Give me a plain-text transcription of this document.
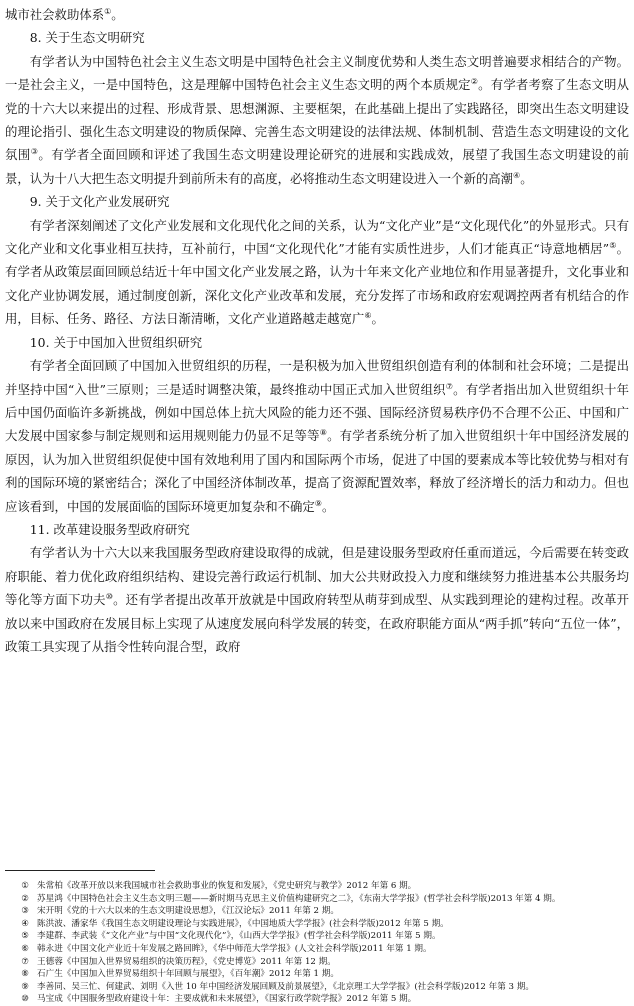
城市社会救助体系①。

8. 关于生态文明研究

有学者认为中国特色社会主义生态文明是中国特色社会主义制度优势和人类生态文明普遍要求相结合的产物。一是社会主义，一是中国特色，这是理解中国特色社会主义生态文明的两个本质规定②。有学者考察了生态文明从党的十六大以来提出的过程、形成背景、思想渊源、主要框架，在此基础上提出了实践路径，即突出生态文明建设的理论指引、强化生态文明建设的物质保障、完善生态文明建设的法律法规、体制机制、营造生态文明建设的文化氛围③。有学者全面回顾和评述了我国生态文明建设理论研究的进展和实践成效，展望了我国生态文明建设的前景，认为十八大把生态文明提升到前所未有的高度，必将推动生态文明建设进入一个新的高潮④。

9. 关于文化产业发展研究

有学者深刻阐述了文化产业发展和文化现代化之间的关系，认为“文化产业”是“文化现代化”的外显形式。只有文化产业和文化事业相互扶持，互补前行，中国“文化现代化”才能有实质性进步，人们才能真正“诗意地栖居”⑤。有学者从政策层面回顾总结近十年中国文化产业发展之路，认为十年来文化产业地位和作用显著提升，文化事业和文化产业协调发展，通过制度创新，深化文化产业改革和发展，充分发挥了市场和政府宏观调控两者有机结合的作用，目标、任务、路径、方法日渐清晰，文化产业道路越走越宽广⑥。

10. 关于中国加入世贸组织研究

有学者全面回顾了中国加入世贸组织的历程，一是积极为加入世贸组织创造有利的体制和社会环境；二是提出并坚持中国“入世”三原则；三是适时调整决策，最终推动中国正式加入世贸组织⑦。有学者指出加入世贸组织十年后中国仍面临许多新挑战，例如中国总体上抗大风险的能力还不强、国际经济贸易秩序仍不合理不公正、中国和广大发展中国家参与制定规则和运用规则能力仍显不足等等⑧。有学者系统分析了加入世贸组织十年中国经济发展的原因，认为加入世贸组织促使中国有效地利用了国内和国际两个市场，促进了中国的要素成本等比较优势与相对有利的国际环境的紧密结合；深化了中国经济体制改革，提高了资源配置效率，释放了经济增长的活力和动力。但也应该看到，中国的发展面临的国际环境更加复杂和不确定⑨。

11. 改革建设服务型政府研究

有学者认为十六大以来我国服务型政府建设取得的成就，但是建设服务型政府任重而道远，今后需要在转变政府职能、着力优化政府组织结构、建设完善行政运行机制、加大公共财政投入力度和继续努力推进基本公共服务均等化等方面下功夫⑩。还有学者提出改革开放就是中国政府转型从萌芽到成型、从实践到理论的建构过程。改革开放以来中国政府在发展目标上实现了从速度发展向科学发展的转变，在政府职能方面从“两手抓”转向“五位一体”，政策工具实现了从指令性转向混合型，政府

① 朱常柏《改革开放以来我国城市社会救助事业的恢复和发展》，《党史研究与教学》2012 年第 6 期。
② 苏星鸿《中国特色社会主义生态文明三题——新时期马克思主义价值构建研究之二》，《东南大学学报》(哲学社会科学版)2013 年第 4 期。
③ 宋开明《党的十六大以来的生态文明建设思想》，《江汉论坛》2011 年第 2 期。
④ 陈洪波、潘家华《我国生态文明建设理论与实践进展》，《中国地质大学学报》(社会科学版)2012 年第 5 期。
⑤ 李建群、李武装《“文化产业”与中国“文化现代化”》，《山西大学学报》(哲学社会科学版)2011 年第 5 期。
⑥ 韩永进《中国文化产业近十年发展之路回眸》，《华中师范大学学报》(人文社会科学版)2011 年第 1 期。
⑦ 王德蓉《中国加入世界贸易组织的决策历程》，《党史博览》2011 年第 12 期。
⑧ 石广生《中国加入世界贸易组织十年回顾与展望》，《百年潮》2012 年第 1 期。
⑨ 李善同、吴三忙、何建武、刘明《入世 10 年中国经济发展回顾及前景展望》，《北京理工大学学报》(社会科学版)2012 年第 3 期。
⑩ 马宝成《中国服务型政府建设十年：主要成就和未来展望》，《国家行政学院学报》2012 年第 5 期。
